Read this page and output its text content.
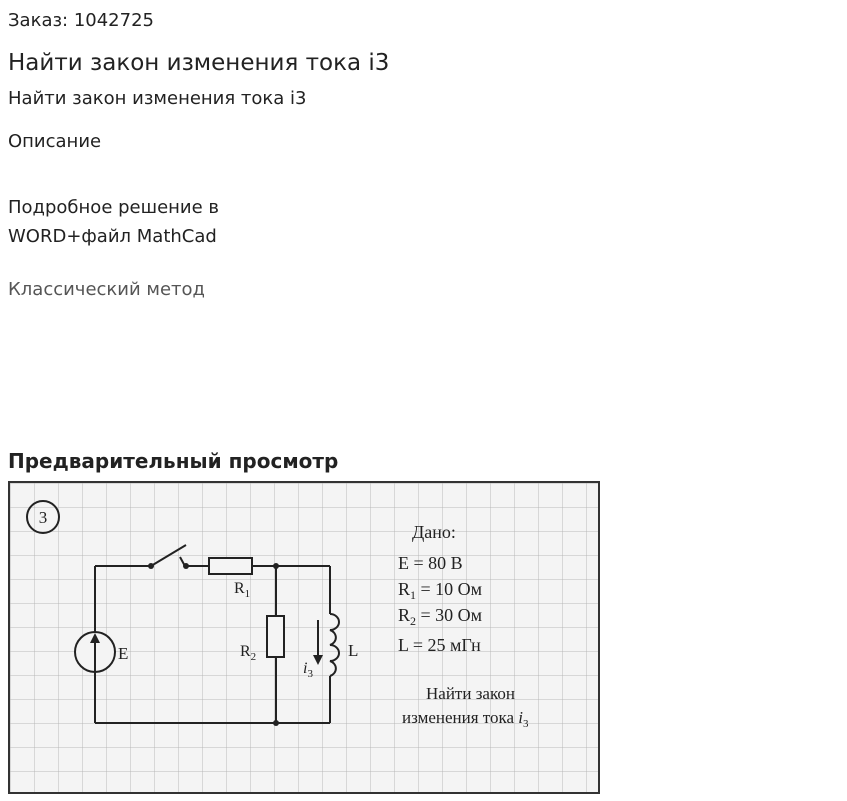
Заказ: 1042725
Найти закон изменения тока i3
Найти закон изменения тока i3
Описание
Подробное решение в WORD+файл MathCad
Классический метод
Предварительный просмотр
3
$R_1$
$R_2$	L
$i_3$
E
Дано:
E = 80 В
$R_1 = 10$ Ом
$R_2 = 30$ Ом
L = 25 мГн
Найти закон
изменения тока $i_3$
